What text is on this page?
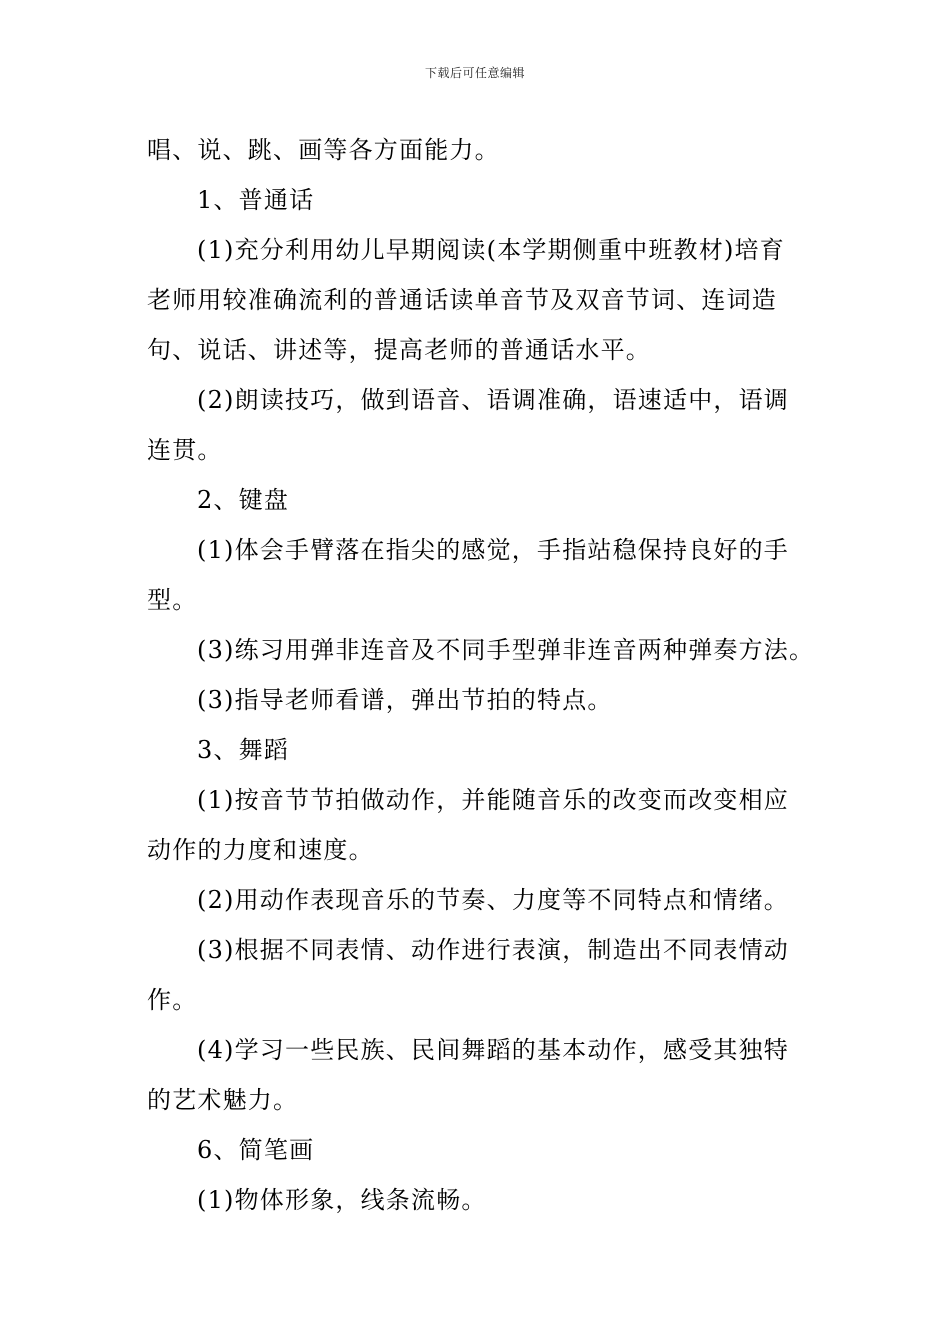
下载后可任意编辑
唱、说、跳、画等各方面能力。
1、普通话
(1)充分利用幼儿早期阅读(本学期侧重中班教材)培育
老师用较准确流利的普通话读单音节及双音节词、连词造
句、说话、讲述等，提高老师的普通话水平。
(2)朗读技巧，做到语音、语调准确，语速适中，语调
连贯。
2、键盘
(1)体会手臂落在指尖的感觉，手指站稳保持良好的手
型。
(3)练习用弹非连音及不同手型弹非连音两种弹奏方法。
(3)指导老师看谱，弹出节拍的特点。
3、舞蹈
(1)按音节节拍做动作，并能随音乐的改变而改变相应
动作的力度和速度。
(2)用动作表现音乐的节奏、力度等不同特点和情绪。
(3)根据不同表情、动作进行表演，制造出不同表情动
作。
(4)学习一些民族、民间舞蹈的基本动作，感受其独特
的艺术魅力。
6、简笔画
(1)物体形象，线条流畅。
